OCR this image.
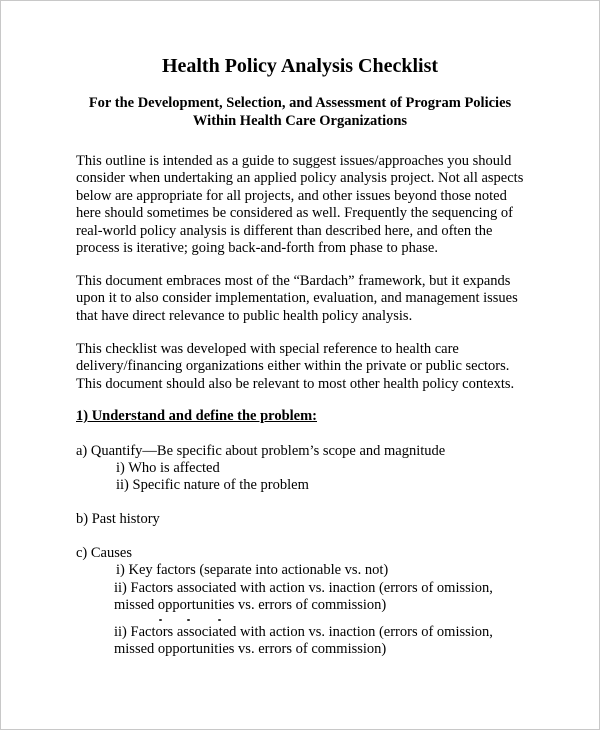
Health Policy Analysis Checklist
For the Development, Selection, and Assessment of Program Policies
Within Health Care Organizations
This outline is intended as a guide to suggest issues/approaches you should
consider when undertaking an applied policy analysis project. Not all aspects
below are appropriate for all projects, and other issues beyond those noted
here should sometimes be considered as well. Frequently the sequencing of
real-world policy analysis is different than described here, and often the
process is iterative; going back-and-forth from phase to phase.
This document embraces most of the “Bardach” framework, but it expands
upon it to also consider implementation, evaluation, and management issues
that have direct relevance to public health policy analysis.
This checklist was developed with special reference to health care
delivery/financing organizations either within the private or public sectors.
This document should also be relevant to most other health policy contexts.
1) Understand and define the problem:
a) Quantify—Be specific about problem’s scope and magnitude
i) Who is affected
ii) Specific nature of the problem
b) Past history
c) Causes
i) Key factors (separate into actionable vs. not)
ii) Factors associated with action vs. inaction (errors of omission,
missed opportunities vs. errors of commission)
ii) Factors associated with action vs. inaction (errors of omission,
missed opportunities vs. errors of commission)
